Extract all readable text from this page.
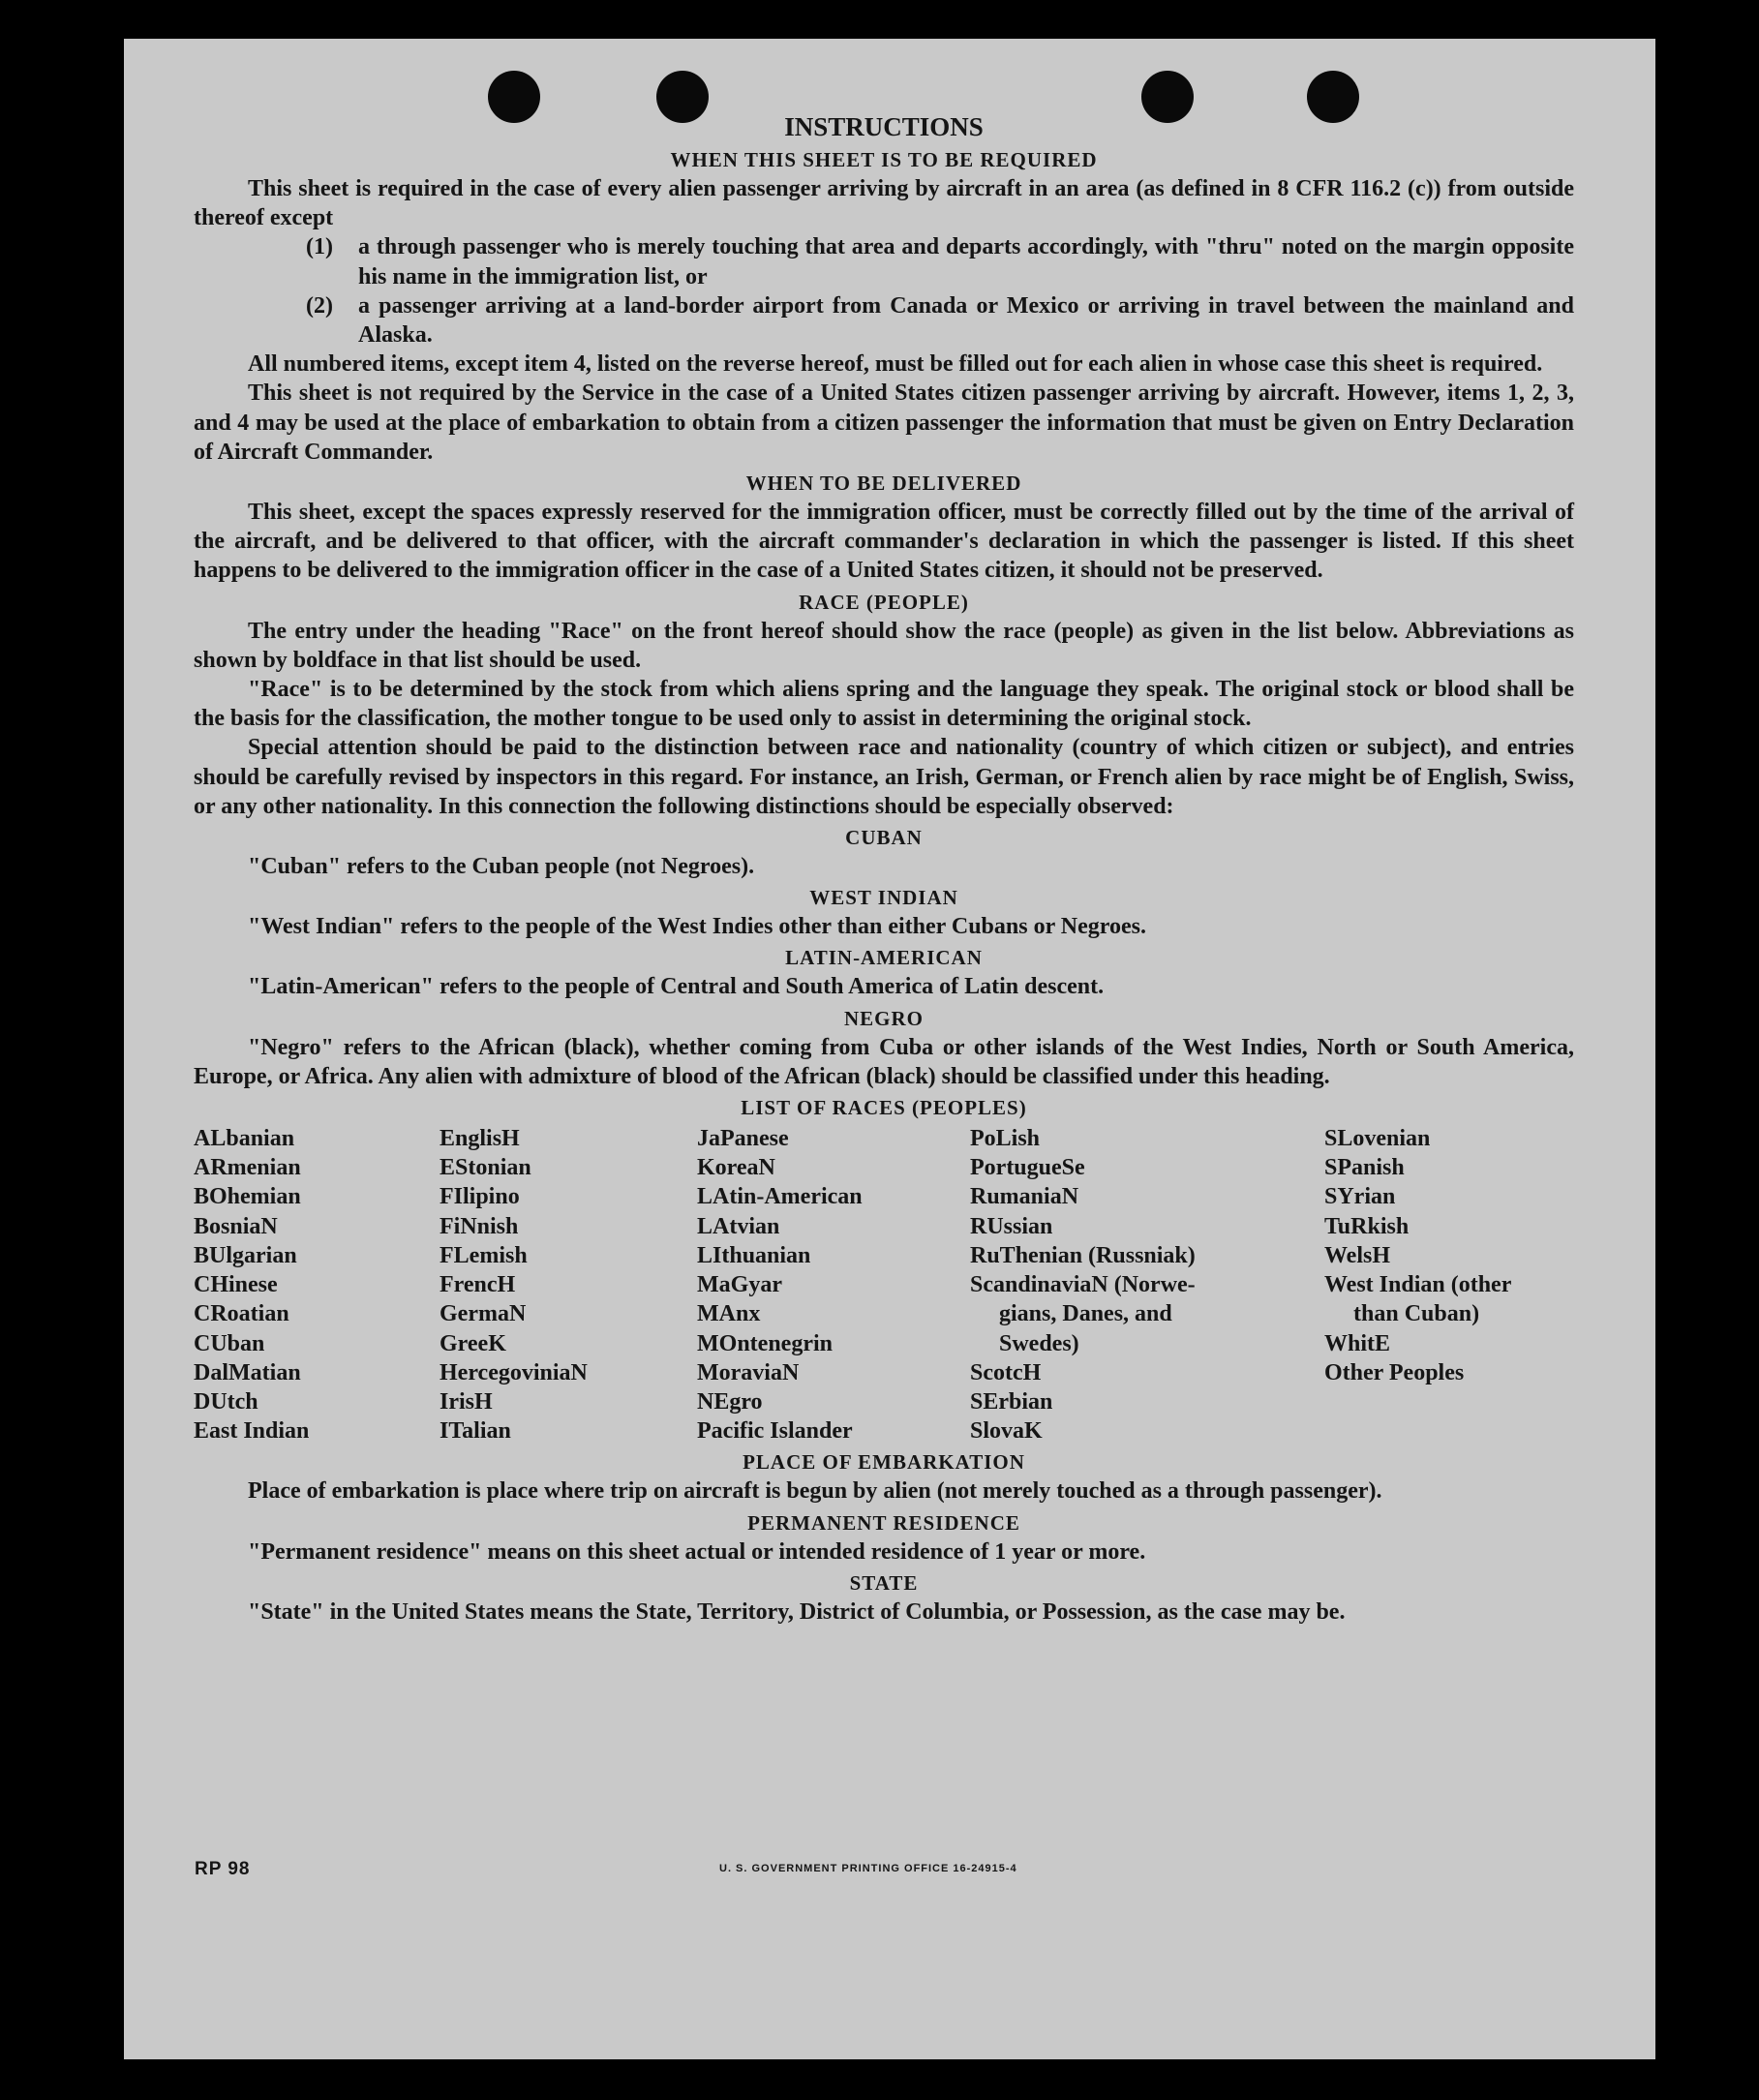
INSTRUCTIONS
WHEN THIS SHEET IS TO BE REQUIRED

This sheet is required in the case of every alien passenger arriving by aircraft in an area (as defined in 8 CFR 116.2 (c)) from outside thereof except

(1)	a through passenger who is merely touching that area and departs accordingly, with "thru" noted on the margin opposite his name in the immigration list, or
(2)	a passenger arriving at a land-border airport from Canada or Mexico or arriving in travel between the mainland and Alaska.

All numbered items, except item 4, listed on the reverse hereof, must be filled out for each alien in whose case this sheet is required.

This sheet is not required by the Service in the case of a United States citizen passenger arriving by aircraft. However, items 1, 2, 3, and 4 may be used at the place of embarkation to obtain from a citizen passenger the information that must be given on Entry Declaration of Aircraft Commander.

WHEN TO BE DELIVERED

This sheet, except the spaces expressly reserved for the immigration officer, must be correctly filled out by the time of the arrival of the aircraft, and be delivered to that officer, with the aircraft commander's declaration in which the passenger is listed. If this sheet happens to be delivered to the immigration officer in the case of a United States citizen, it should not be preserved.

RACE (PEOPLE)

The entry under the heading "Race" on the front hereof should show the race (people) as given in the list below. Abbreviations as shown by boldface in that list should be used.

"Race" is to be determined by the stock from which aliens spring and the language they speak. The original stock or blood shall be the basis for the classification, the mother tongue to be used only to assist in determining the original stock.

Special attention should be paid to the distinction between race and nationality (country of which citizen or subject), and entries should be carefully revised by inspectors in this regard. For instance, an Irish, German, or French alien by race might be of English, Swiss, or any other nationality. In this connection the following distinctions should be especially observed:

CUBAN

"Cuban" refers to the Cuban people (not Negroes).

WEST INDIAN

"West Indian" refers to the people of the West Indies other than either Cubans or Negroes.

LATIN-AMERICAN

"Latin-American" refers to the people of Central and South America of Latin descent.

NEGRO

"Negro" refers to the African (black), whether coming from Cuba or other islands of the West Indies, North or South America, Europe, or Africa. Any alien with admixture of blood of the African (black) should be classified under this heading.

LIST OF RACES (PEOPLES)
ALbanian
ARmenian
BOhemian
BosniaN
BUlgarian
CHinese
CRoatian
CUban
DalMatian
DUtch
East Indian
EnglisH
EStonian
FIlipino
FiNnish
FLemish
FrencH
GermaN
GreeK
HercegoviniaN
IrisH
ITalian
JaPanese
KoreaN
LAtin-American
LAtvian
LIthuanian
MaGyar
MAnx
MOntenegrin
MoraviaN
NEgro
Pacific Islander
PoLish
PortugueSe
RumaniaN
RUssian
RuThenian (Russniak)
ScandinaviaN (Norwe-
gians, Danes, and
Swedes)
ScotcH
SErbian
SlovaK
SLovenian
SPanish
SYrian
TuRkish
WelsH
West Indian (other
than Cuban)
WhitE
Other Peoples
PLACE OF EMBARKATION

Place of embarkation is place where trip on aircraft is begun by alien (not merely touched as a through passenger).

PERMANENT RESIDENCE

"Permanent residence" means on this sheet actual or intended residence of 1 year or more.

STATE

"State" in the United States means the State, Territory, District of Columbia, or Possession, as the case may be.

RP 98	U. S. GOVERNMENT PRINTING OFFICE 16-24915-4
